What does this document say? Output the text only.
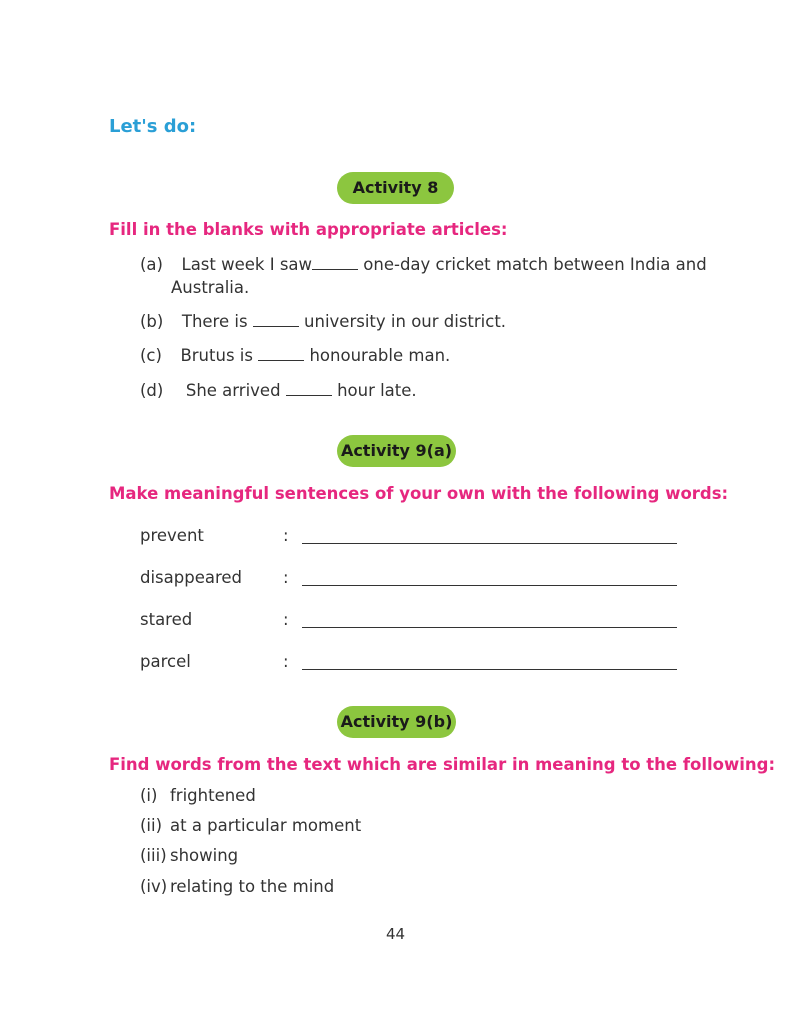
Let's do:
Activity 8
Fill in the blanks with appropriate articles:
(a) Last week I saw	one-day cricket match between India and
Australia.
(b) There is	university in our district.
(c) Brutus is	honourable man.
(d) She arrived	hour late.
Activity 9(a)
Make meaningful sentences of your own with the following words:
prevent	:
disappeared :
stared	:
parcel	:
Activity 9(b)
Find words from the text which are similar in meaning to the following:
(i) frightened
(ii) at a particular moment
(iii) showing
(iv) relating to the mind
44
